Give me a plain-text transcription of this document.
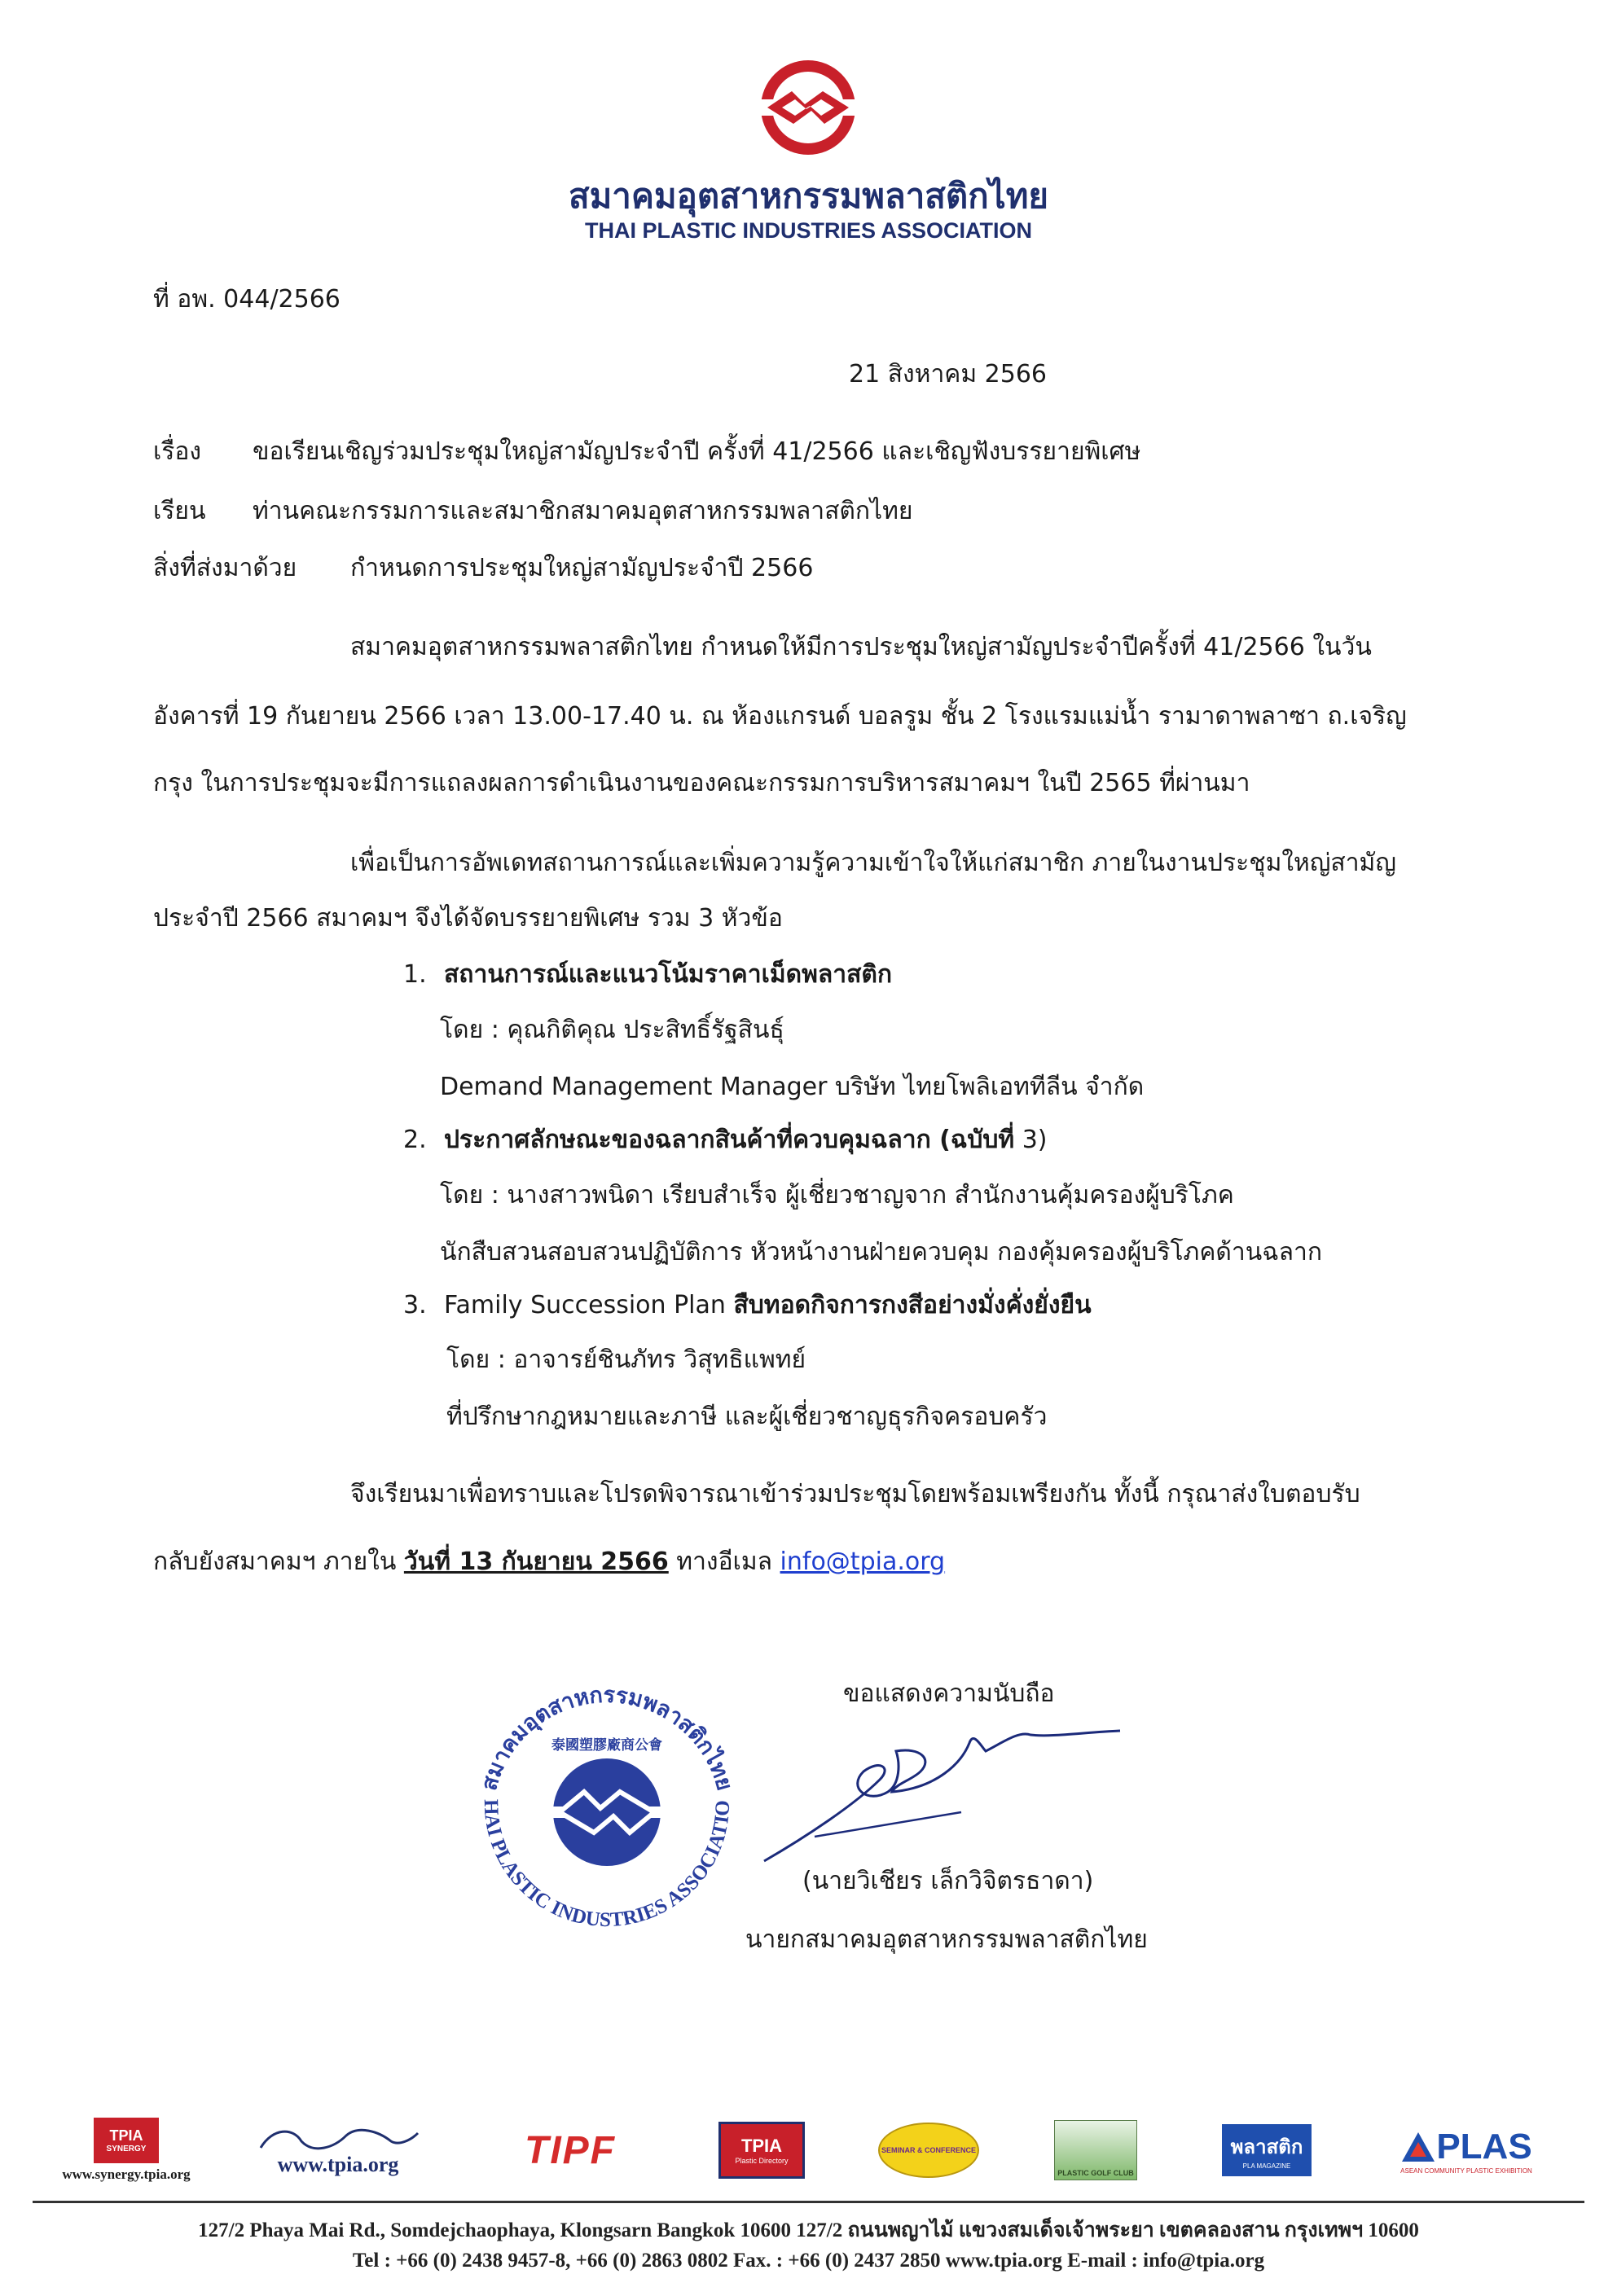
สมาคมอุตสาหกรรมพลาสติกไทย
THAI PLASTIC INDUSTRIES ASSOCIATION
ที่ อพ. 044/2566
21 สิงหาคม 2566
เรื่อง ขอเรียนเชิญร่วมประชุมใหญ่สามัญประจำปี ครั้งที่ 41/2566 และเชิญฟังบรรยายพิเศษ
เรียน ท่านคณะกรรมการและสมาชิกสมาคมอุตสาหกรรมพลาสติกไทย
สิ่งที่ส่งมาด้วย กำหนดการประชุมใหญ่สามัญประจำปี 2566
สมาคมอุตสาหกรรมพลาสติกไทย กำหนดให้มีการประชุมใหญ่สามัญประจำปีครั้งที่ 41/2566 ในวัน
อังคารที่ 19 กันยายน 2566 เวลา 13.00-17.40 น. ณ ห้องแกรนด์ บอลรูม ชั้น 2 โรงแรมแม่น้ำ รามาดาพลาซา ถ.เจริญ
กรุง ในการประชุมจะมีการแถลงผลการดำเนินงานของคณะกรรมการบริหารสมาคมฯ ในปี 2565 ที่ผ่านมา
เพื่อเป็นการอัพเดทสถานการณ์และเพิ่มความรู้ความเข้าใจให้แก่สมาชิก ภายในงานประชุมใหญ่สามัญ
ประจำปี 2566 สมาคมฯ จึงได้จัดบรรยายพิเศษ รวม 3 หัวข้อ
1. สถานการณ์และแนวโน้มราคาเม็ดพลาสติก
โดย : คุณกิติคุณ ประสิทธิ์รัฐสินธุ์
Demand Management Manager บริษัท ไทยโพลิเอททีลีน จำกัด
2. ประกาศลักษณะของฉลากสินค้าที่ควบคุมฉลาก (ฉบับที่ 3)
โดย : นางสาวพนิดา เรียบสำเร็จ ผู้เชี่ยวชาญจาก สำนักงานคุ้มครองผู้บริโภค
นักสืบสวนสอบสวนปฏิบัติการ หัวหน้างานฝ่ายควบคุม กองคุ้มครองผู้บริโภคด้านฉลาก
3. Family Succession Plan สืบทอดกิจการกงสีอย่างมั่งคั่งยั่งยืน
โดย : อาจารย์ชินภัทร วิสุทธิแพทย์
ที่ปรึกษากฎหมายและภาษี และผู้เชี่ยวชาญธุรกิจครอบครัว
จึงเรียนมาเพื่อทราบและโปรดพิจารณาเข้าร่วมประชุมโดยพร้อมเพรียงกัน ทั้งนี้ กรุณาส่งใบตอบรับ
กลับยังสมาคมฯ ภายใน วันที่ 13 กันยายน 2566 ทางอีเมล info@tpia.org
สมาคมอุตสาหกรรมพลาสติกไทย
HAI PLASTIC INDUSTRIES ASSOCIATIO
泰國塑膠廠商公會
ขอแสดงความนับถือ
(นายวิเชียร เล็กวิจิตรธาดา)
นายกสมาคมอุตสาหกรรมพลาสติกไทย
TPIA
SYNERGY
www.synergy.tpia.org	www.tpia.org	TIPF	TPIA
Plastic Directory
SEMINAR & CONFERENCE
PLASTIC GOLF CLUB
พลาสติก
PLA MAGAZINE	PLAS
ASEAN COMMUNITY PLASTIC EXHIBITION
127/2 Phaya Mai Rd., Somdejchaophaya, Klongsarn Bangkok 10600 127/2 ถนนพญาไม้ แขวงสมเด็จเจ้าพระยา เขตคลองสาน กรุงเทพฯ 10600
Tel : +66 (0) 2438 9457-8, +66 (0) 2863 0802 Fax. : +66 (0) 2437 2850 www.tpia.org E-mail : info@tpia.org
